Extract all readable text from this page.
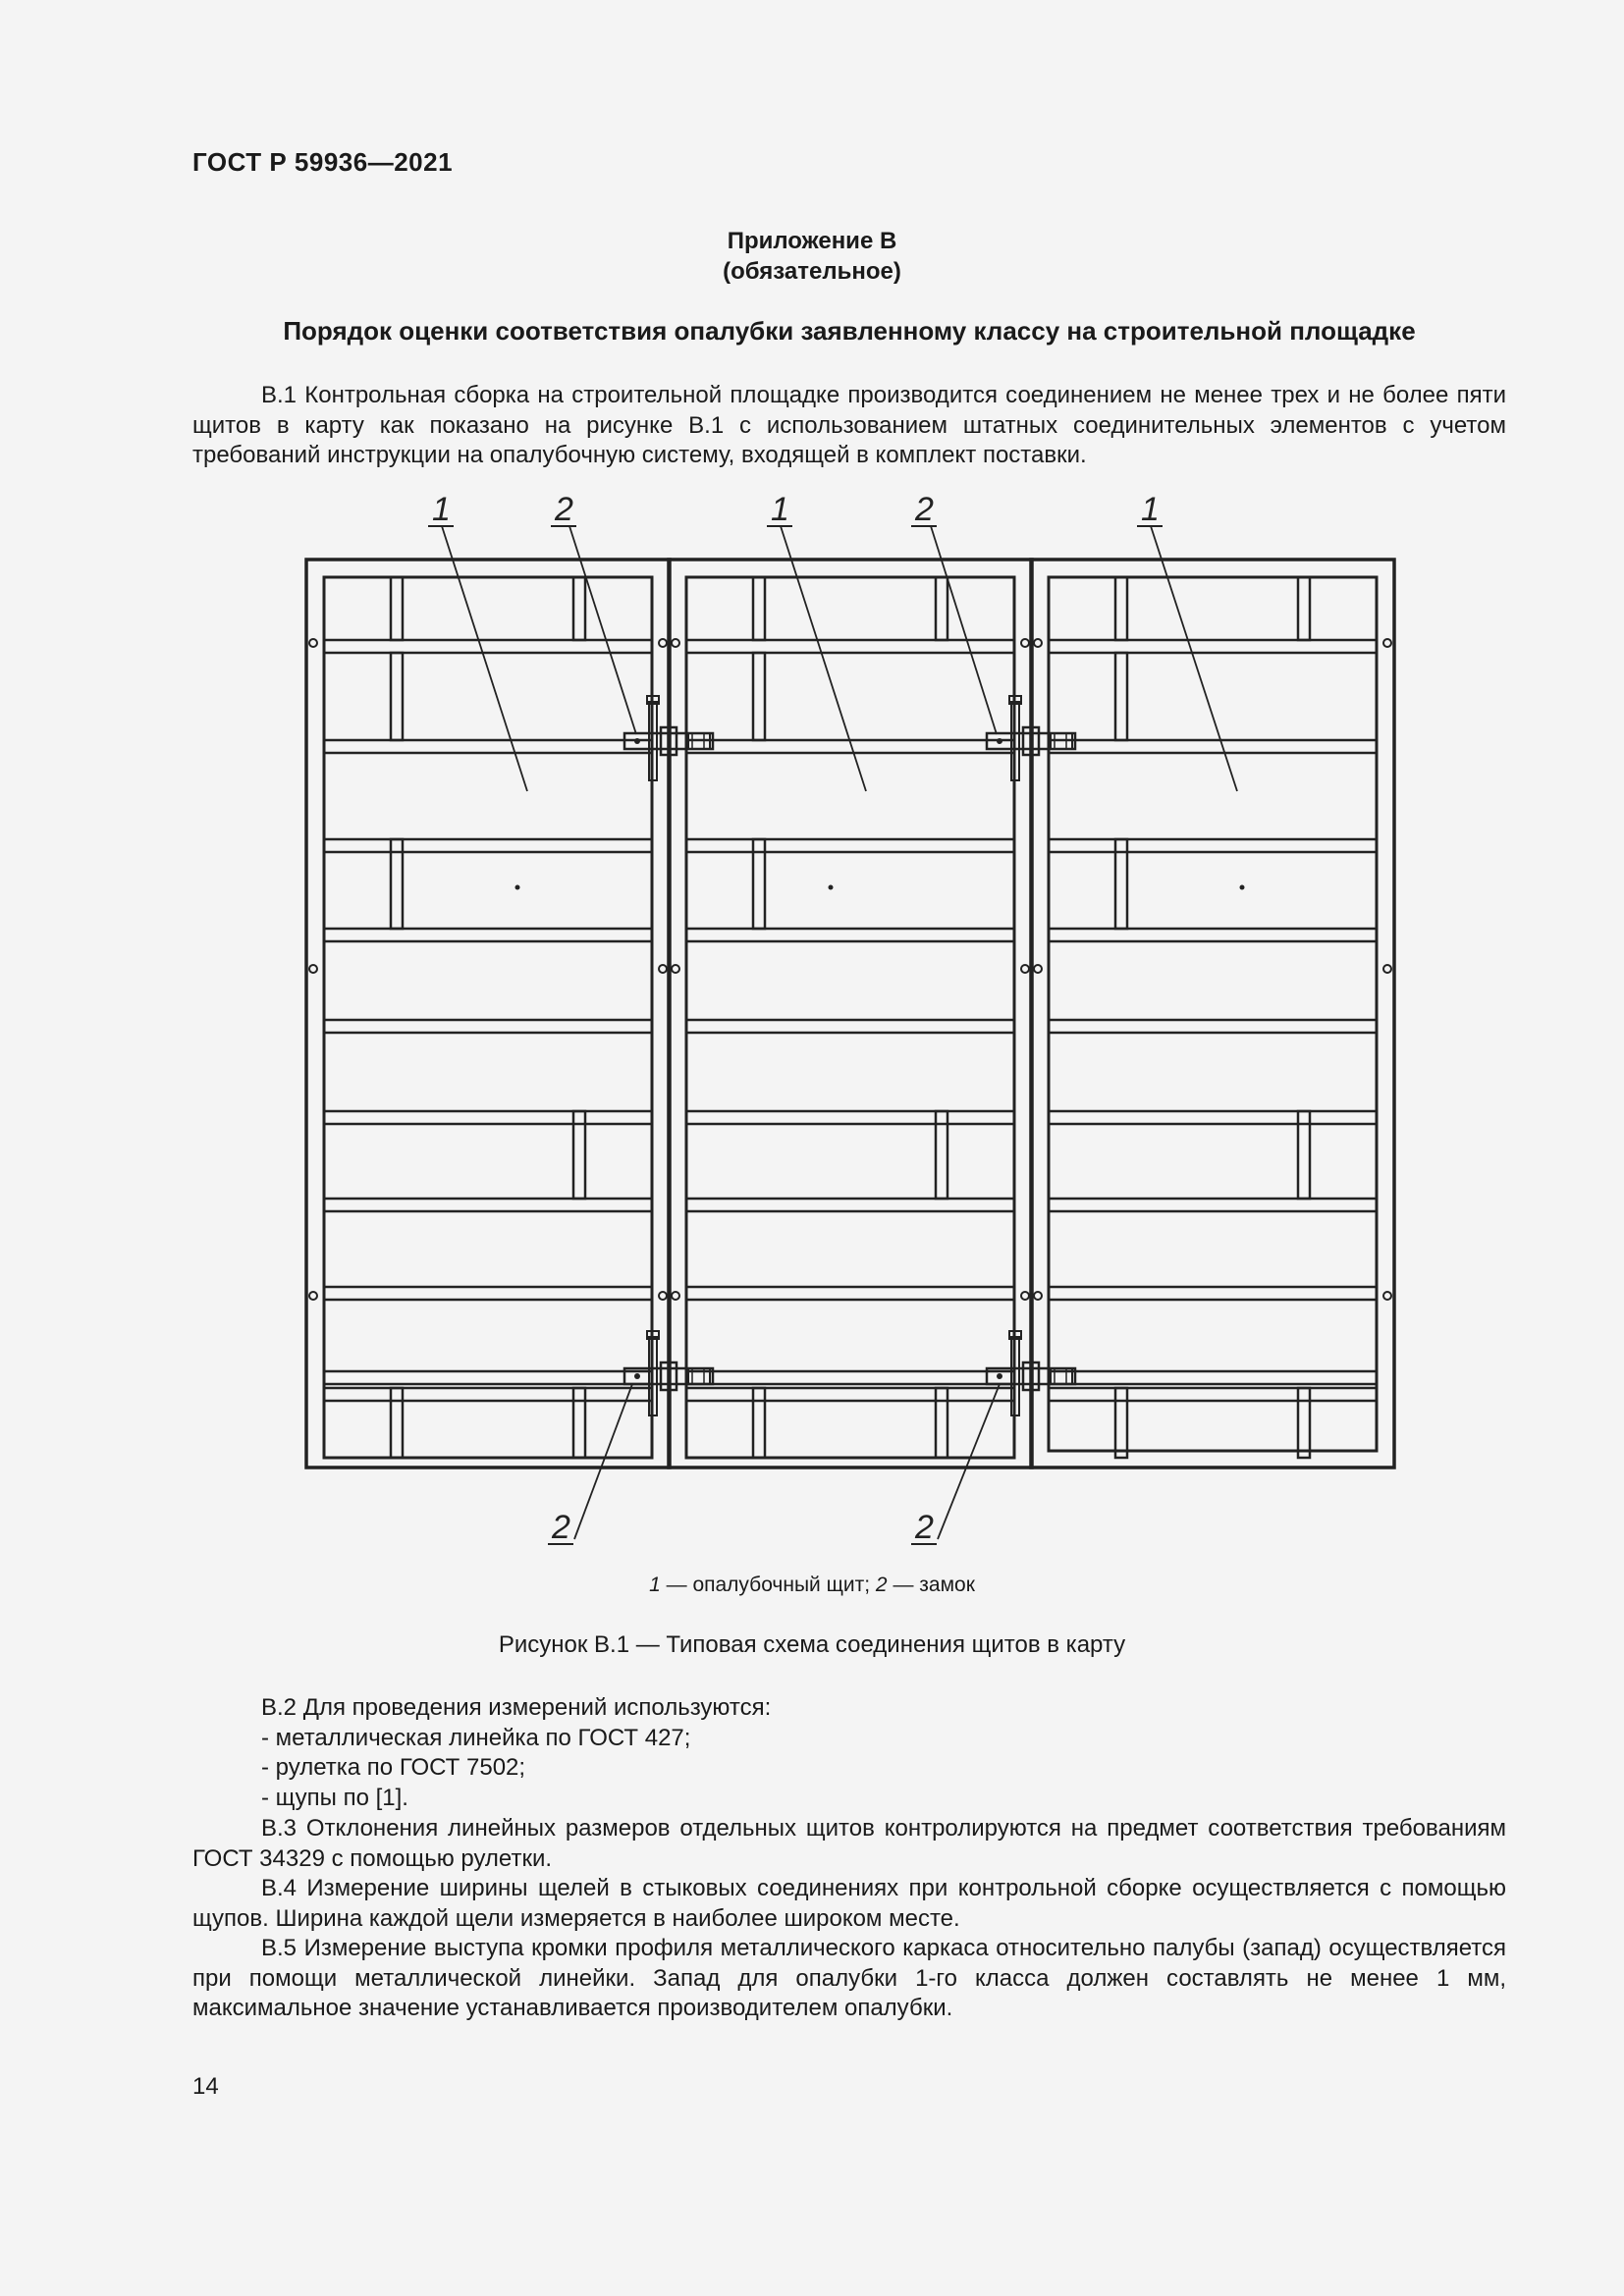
ГОСТ Р 59936—2021
Приложение В
(обязательное)
Порядок оценки соответствия опалубки заявленному классу на строительной площадке

В.1 Контрольная сборка на строительной площадке производится соединением не менее трех и не более пяти щитов в карту как показано на рисунке В.1 с использованием штатных соединительных элементов с учетом требований инструкции на опалубочную систему, входящей в комплект поставки.

1	2	1	2	1
2	2
1 — опалубочный щит; 2 — замок
Рисунок В.1 — Типовая схема соединения щитов в карту
В.2 Для проведения измерений используются:
- металлическая линейка по ГОСТ 427;
- рулетка по ГОСТ 7502;
- щупы по [1].

В.3 Отклонения линейных размеров отдельных щитов контролируются на предмет соответствия требованиям ГОСТ 34329 с помощью рулетки.

В.4 Измерение ширины щелей в стыковых соединениях при контрольной сборке осуществляется с помощью щупов. Ширина каждой щели измеряется в наиболее широком месте.

В.5 Измерение выступа кромки профиля металлического каркаса относительно палубы (запад) осуществляется при помощи металлической линейки. Запад для опалубки 1-го класса должен составлять не менее 1 мм, максимальное значение устанавливается производителем опалубки.

14
